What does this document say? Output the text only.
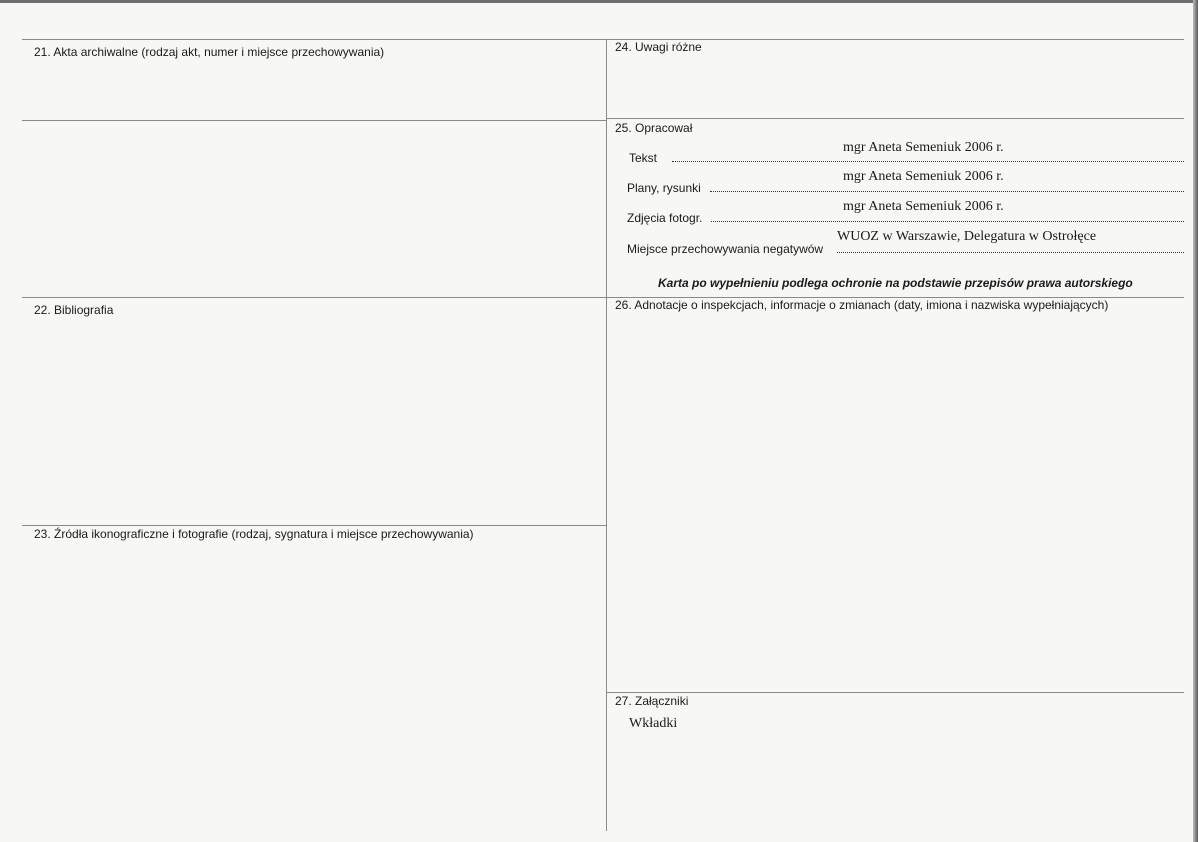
21. Akta archiwalne (rodzaj akt, numer i miejsce przechowywania)
22. Bibliografia
23. Źródła ikonograficzne i fotografie (rodzaj, sygnatura i miejsce przechowywania)
24. Uwagi różne
25. Opracował
Tekst
mgr Aneta Semeniuk 2006 r.
Plany, rysunki
mgr Aneta Semeniuk 2006 r.
Zdjęcia fotogr.
mgr Aneta Semeniuk 2006 r.
Miejsce przechowywania negatywów
WUOZ w Warszawie, Delegatura w Ostrołęce
Karta po wypełnieniu podlega ochronie na podstawie przepisów prawa autorskiego
26. Adnotacje o inspekcjach, informacje o zmianach (daty, imiona i nazwiska wypełniających)
27. Załączniki
Wkładki
